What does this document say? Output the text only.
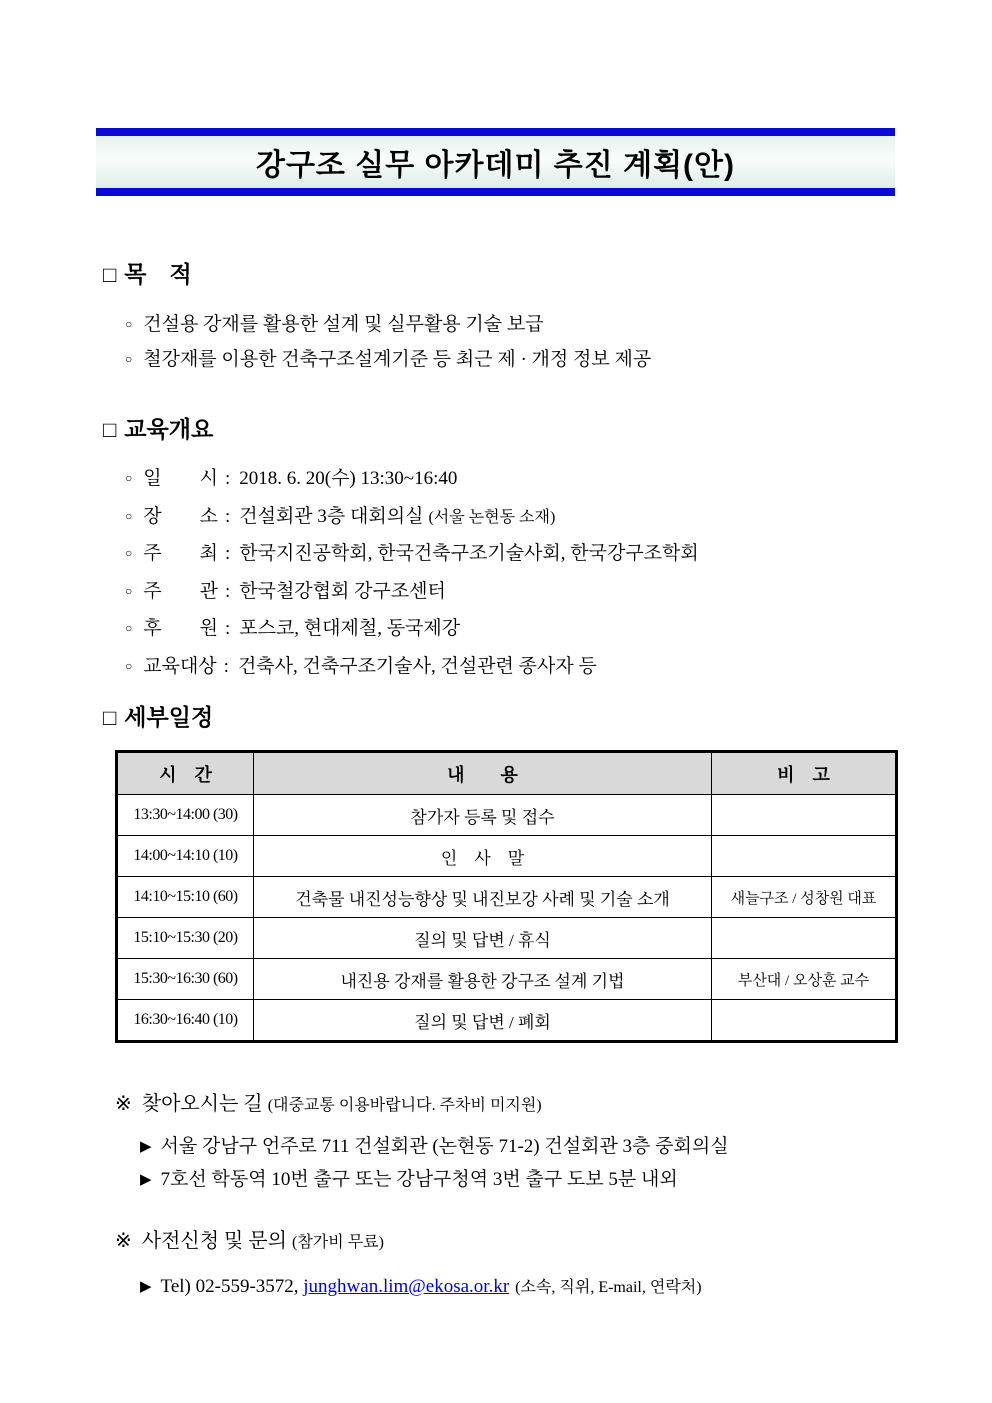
강구조 실무 아카데미 추진 계획(안)
□ 목　적
○ 건설용 강재를 활용한 설계 및 실무활용 기술 보급
○ 철강재를 이용한 건축구조설계기준 등 최근 제 · 개정 정보 제공
□ 교육개요
○ 일　　시 : 2018. 6. 20(수) 13:30~16:40
○ 장　　소 : 건설회관 3층 대회의실 (서울 논현동 소재)
○ 주　　최 : 한국지진공학회, 한국건축구조기술사회, 한국강구조학회
○ 주　　관 : 한국철강협회 강구조센터
○ 후　　원 : 포스코, 현대제철, 동국제강
○ 교육대상 : 건축사, 건축구조기술사, 건설관련 종사자 등
□ 세부일정
시　간	내　　용	비　고
13:30~14:00 (30)	참가자 등록 및 접수	
14:00~14:10 (10)	인　사　말	
14:10~15:10 (60)	건축물 내진성능향상 및 내진보강 사례 및 기술 소개	새늘구조 / 성창원 대표
15:10~15:30 (20)	질의 및 답변 / 휴식	
15:30~16:30 (60)	내진용 강재를 활용한 강구조 설계 기법	부산대 / 오상훈 교수
16:30~16:40 (10)	질의 및 답변 / 폐회	
※ 찾아오시는 길 (대중교통 이용바랍니다. 주차비 미지원)
▶ 서울 강남구 언주로 711 건설회관 (논현동 71-2) 건설회관 3층 중회의실
▶ 7호선 학동역 10번 출구 또는 강남구청역 3번 출구 도보 5분 내외
※ 사전신청 및 문의 (참가비 무료)
▶ Tel) 02-559-3572, junghwan.lim@ekosa.or.kr (소속, 직위, E-mail, 연락처)
